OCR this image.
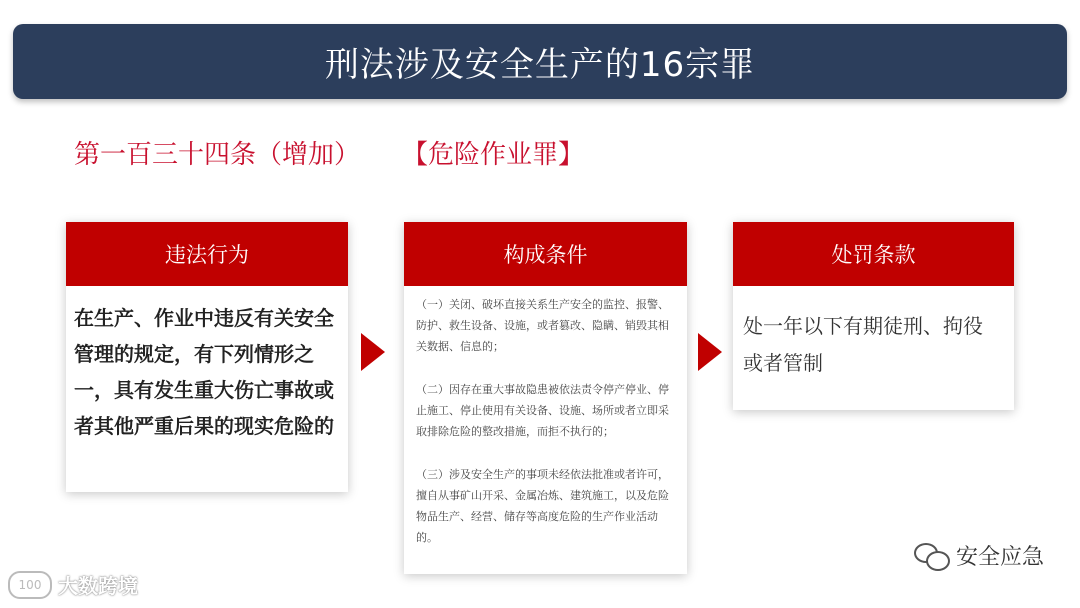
刑法涉及安全生产的16宗罪
第一百三十四条（增加） 【危险作业罪】
违法行为
在生产、作业中违反有关安全管理的规定，有下列情形之一，具有发生重大伤亡事故或者其他严重后果的现实危险的
构成条件

（一）关闭、破坏直接关系生产安全的监控、报警、防护、救生设备、设施，或者篡改、隐瞒、销毁其相关数据、信息的；

（二）因存在重大事故隐患被依法责令停产停业、停止施工、停止使用有关设备、设施、场所或者立即采取排除危险的整改措施，而拒不执行的；

（三）涉及安全生产的事项未经依法批准或者许可，擅自从事矿山开采、金属冶炼、建筑施工，以及危险物品生产、经营、储存等高度危险的生产作业活动的。

处罚条款
处一年以下有期徒刑、拘役或者管制
安全应急
100 大数跨境
